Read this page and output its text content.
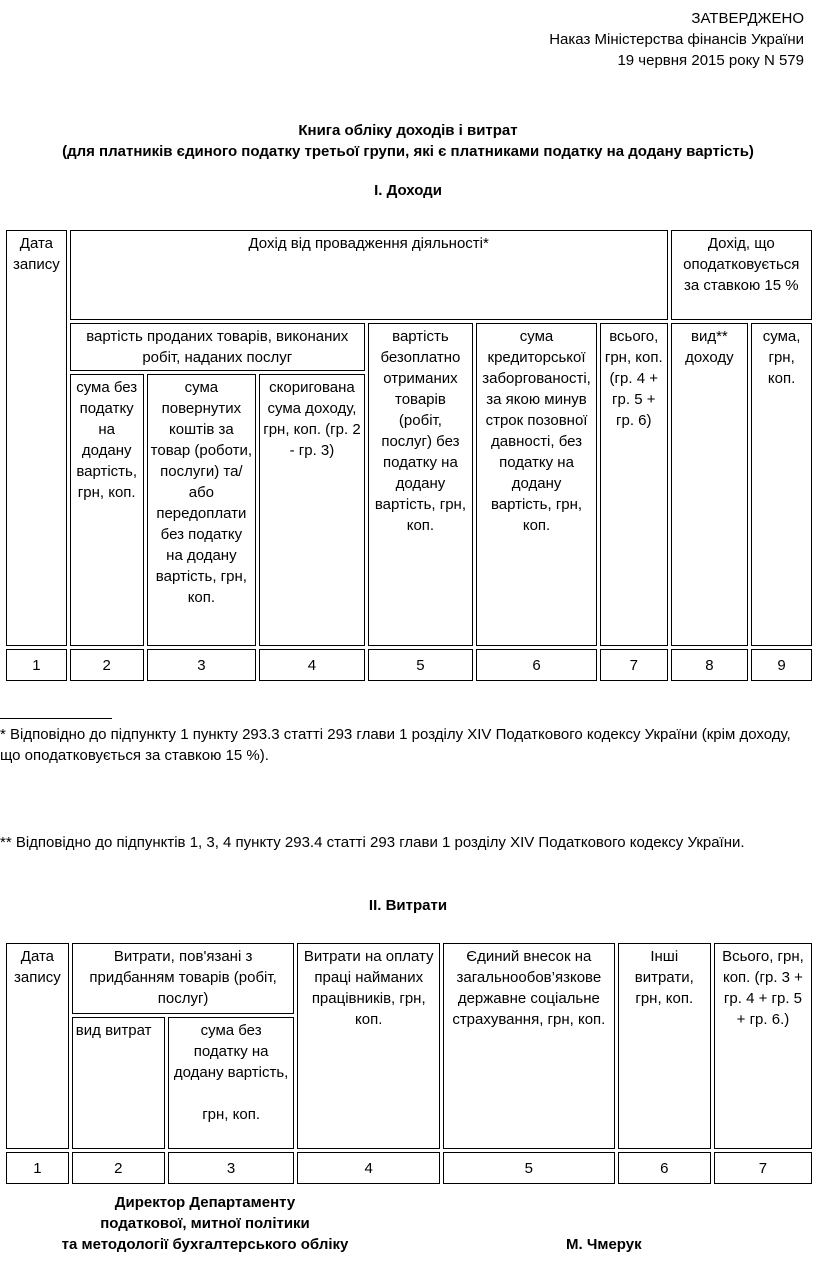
ЗАТВЕРДЖЕНО
Наказ Міністерства фінансів України
19 червня 2015 року N 579
Книга обліку доходів і витрат
(для платників єдиного податку третьої групи, які є платниками податку на додану вартість)
І. Доходи
Дата запису	Дохід від провадження діяльності*						Дохід, що оподатковується за ставкою 15 %	
	вартість проданих товарів, виконаних робіт, наданих послуг			вартість безоплатно отриманих товарів (робіт, послуг) без податку на додану вартість, грн, коп.	сума кредиторської заборгованості, за якою минув строк позовної давності, без податку на додану вартість, грн, коп.	всього, грн, коп. (гр. 4 + гр. 5 + гр. 6)	вид** доходу	сума, грн, коп.
	сума без податку на додану вартість, грн, коп.	сума повернутих коштів за товар (роботи, послуги) та/або передоплати без податку на додану вартість, грн, коп.	скоригована сума доходу, грн, коп. (гр. 2 - гр. 3)					
1	2	3	4	5	6	7	8	9
* Відповідно до підпункту 1 пункту 293.3 статті 293 глави 1 розділу XIV Податкового кодексу України (крім доходу, що оподатковується за ставкою 15 %).
** Відповідно до підпунктів 1, 3, 4 пункту 293.4 статті 293 глави 1 розділу XIV Податкового кодексу України.
ІІ. Витрати
Дата запису	Витрати, пов'язані з придбанням товарів (робіт, послуг)		Витрати на оплату праці найманих працівників, грн, коп.	Єдиний внесок на загальнообов’язкове державне соціальне страхування, грн, коп.	Інші витрати, грн, коп.	Всього, грн, коп. (гр. 3 + гр. 4 + гр. 5 + гр. 6.)
	вид витрат	сума без податку на додану вартість,

грн, коп.				
1	2	3	4	5	6	7
Директор Департаменту
податкової, митної політики
та методології бухгалтерського обліку	М. Чмерук
